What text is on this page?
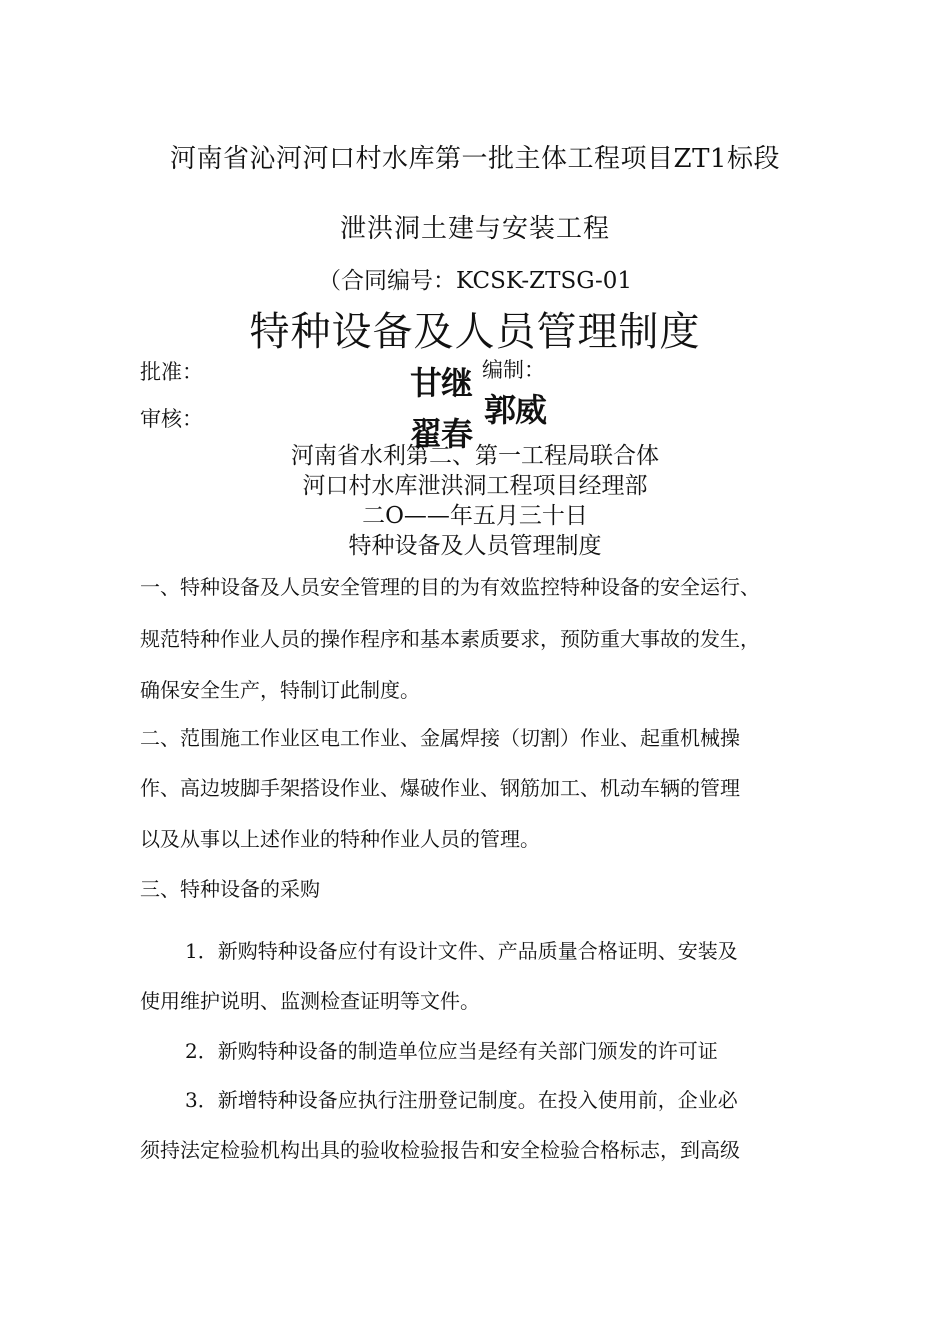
河南省沁河河口村水库第一批主体工程项目ZT1标段
泄洪洞土建与安装工程
（合同编号：KCSK-ZTSG-01
特种设备及人员管理制度
批准：
审核：
编制：
甘继
翟春
郭威
河南省水利第二、第一工程局联合体
河口村水库泄洪洞工程项目经理部
二O——年五月三十日
特种设备及人员管理制度
一、特种设备及人员安全管理的目的为有效监控特种设备的安全运行、
规范特种作业人员的操作程序和基本素质要求，预防重大事故的发生，
确保安全生产，特制订此制度。
二、范围施工作业区电工作业、金属焊接（切割）作业、起重机械操
作、高边坡脚手架搭设作业、爆破作业、钢筋加工、机动车辆的管理
以及从事以上述作业的特种作业人员的管理。
三、特种设备的采购
1．新购特种设备应付有设计文件、产品质量合格证明、安装及
使用维护说明、监测检查证明等文件。
2．新购特种设备的制造单位应当是经有关部门颁发的许可证
3．新增特种设备应执行注册登记制度。在投入使用前，企业必
须持法定检验机构出具的验收检验报告和安全检验合格标志，到高级
